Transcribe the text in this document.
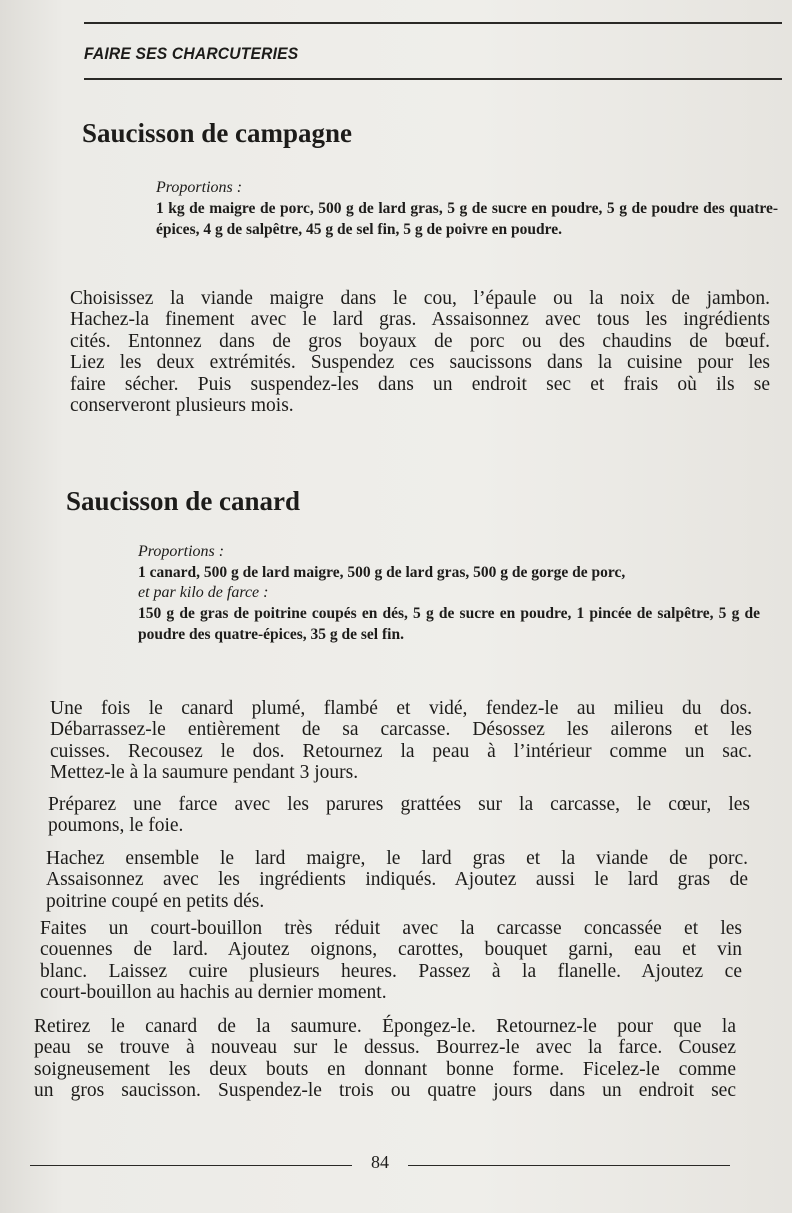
FAIRE SES CHARCUTERIES
Saucisson de campagne
Proportions :
1 kg de maigre de porc, 500 g de lard gras, 5 g de sucre en poudre, 5 g de poudre des quatre-épices, 4 g de salpêtre, 45 g de sel fin, 5 g de poivre en poudre.

Choisissez la viande maigre dans le cou, l’épaule ou la noix de jambon.
Hachez-la finement avec le lard gras. Assaisonnez avec tous les ingrédients
cités. Entonnez dans de gros boyaux de porc ou des chaudins de bœuf.
Liez les deux extrémités. Suspendez ces saucissons dans la cuisine pour les
faire sécher. Puis suspendez-les dans un endroit sec et frais où ils se
conserveront plusieurs mois.

Saucisson de canard
Proportions :
1 canard, 500 g de lard maigre, 500 g de lard gras, 500 g de gorge de porc,
et par kilo de farce :
150 g de gras de poitrine coupés en dés, 5 g de sucre en poudre, 1 pincée de salpêtre, 5 g de poudre des quatre-épices, 35 g de sel fin.

Une fois le canard plumé, flambé et vidé, fendez-le au milieu du dos.
Débarrassez-le entièrement de sa carcasse. Désossez les ailerons et les
cuisses. Recousez le dos. Retournez la peau à l’intérieur comme un sac.
Mettez-le à la saumure pendant 3 jours.

Préparez une farce avec les parures grattées sur la carcasse, le cœur, les
poumons, le foie.

Hachez ensemble le lard maigre, le lard gras et la viande de porc.
Assaisonnez avec les ingrédients indiqués. Ajoutez aussi le lard gras de
poitrine coupé en petits dés.

Faites un court-bouillon très réduit avec la carcasse concassée et les
couennes de lard. Ajoutez oignons, carottes, bouquet garni, eau et vin
blanc. Laissez cuire plusieurs heures. Passez à la flanelle. Ajoutez ce
court-bouillon au hachis au dernier moment.

Retirez le canard de la saumure. Épongez-le. Retournez-le pour que la
peau se trouve à nouveau sur le dessus. Bourrez-le avec la farce. Cousez
soigneusement les deux bouts en donnant bonne forme. Ficelez-le comme
un gros saucisson. Suspendez-le trois ou quatre jours dans un endroit sec

84
